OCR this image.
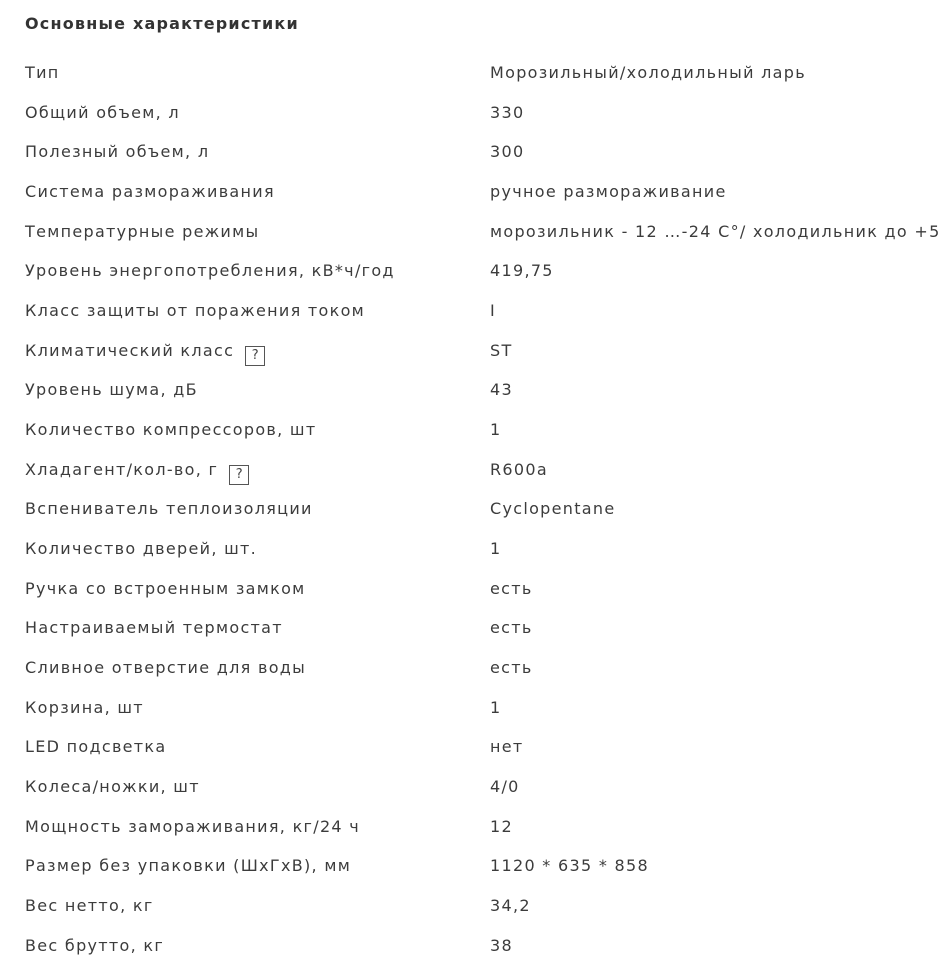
Основные характеристики
Тип	Морозильный/холодильный ларь
Общий объем, л	330
Полезный объем, л	300
Система размораживания	ручное размораживание
Температурные режимы	морозильник - 12 …-24 С°/ холодильник до +5
Уровень энергопотребления, кВ*ч/год	419,75
Класс защиты от поражения током	I
Климатический класс ?	ST
Уровень шума, дБ	43
Количество компрессоров, шт	1
Хладагент/кол-во, г ?	R600a
Вспениватель теплоизоляции	Cyclopentane
Количество дверей, шт.	1
Ручка со встроенным замком	есть
Настраиваемый термостат	есть
Сливное отверстие для воды	есть
Корзина, шт	1
LED подсветка	нет
Колеса/ножки, шт	4/0
Мощность замораживания, кг/24 ч	12
Размер без упаковки (ШхГхВ), мм	1120 * 635 * 858
Вес нетто, кг	34,2
Вес брутто, кг	38
